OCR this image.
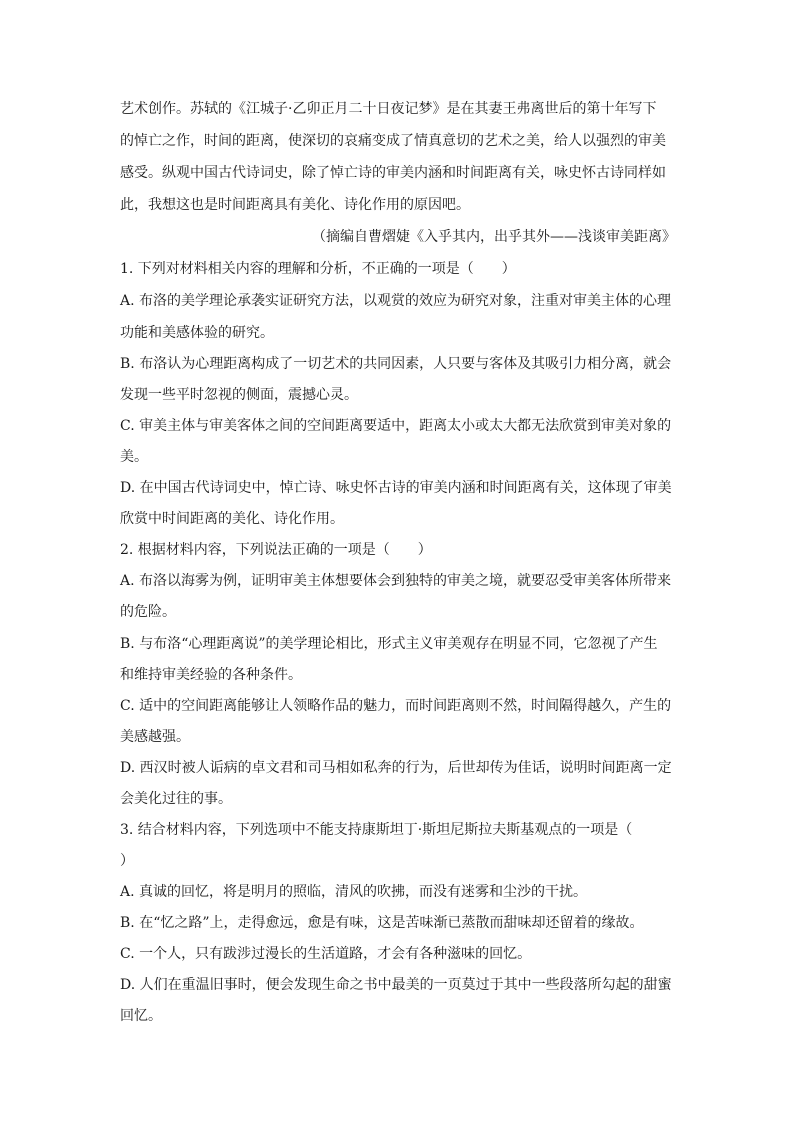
艺术创作。苏轼的《江城子·乙卯正月二十日夜记梦》是在其妻王弗离世后的第十年写下
的悼亡之作，时间的距离，使深切的哀痛变成了情真意切的艺术之美，给人以强烈的审美
感受。纵观中国古代诗词史，除了悼亡诗的审美内涵和时间距离有关，咏史怀古诗同样如
此，我想这也是时间距离具有美化、诗化作用的原因吧。
（摘编自曹熠婕《入乎其内，出乎其外——浅谈审美距离》
1. 下列对材料相关内容的理解和分析，不正确的一项是（　　）
A. 布洛的美学理论承袭实证研究方法，以观赏的效应为研究对象，注重对审美主体的心理
功能和美感体验的研究。
B. 布洛认为心理距离构成了一切艺术的共同因素，人只要与客体及其吸引力相分离，就会
发现一些平时忽视的侧面，震撼心灵。
C. 审美主体与审美客体之间的空间距离要适中，距离太小或太大都无法欣赏到审美对象的
美。
D. 在中国古代诗词史中，悼亡诗、咏史怀古诗的审美内涵和时间距离有关，这体现了审美
欣赏中时间距离的美化、诗化作用。
2. 根据材料内容，下列说法正确的一项是（　　）
A. 布洛以海雾为例，证明审美主体想要体会到独特的审美之境，就要忍受审美客体所带来
的危险。
B. 与布洛“心理距离说”的美学理论相比，形式主义审美观存在明显不同，它忽视了产生
和维持审美经验的各种条件。
C. 适中的空间距离能够让人领略作品的魅力，而时间距离则不然，时间隔得越久，产生的
美感越强。
D. 西汉时被人诟病的卓文君和司马相如私奔的行为，后世却传为佳话，说明时间距离一定
会美化过往的事。
3. 结合材料内容，下列选项中不能支持康斯坦丁·斯坦尼斯拉夫斯基观点的一项是（
）
A. 真诚的回忆，将是明月的照临，清风的吹拂，而没有迷雾和尘沙的干扰。
B. 在“忆之路”上，走得愈远，愈是有味，这是苦味渐已蒸散而甜味却还留着的缘故。
C. 一个人，只有跋涉过漫长的生活道路，才会有各种滋味的回忆。
D. 人们在重温旧事时，便会发现生命之书中最美的一页莫过于其中一些段落所勾起的甜蜜
回忆。
